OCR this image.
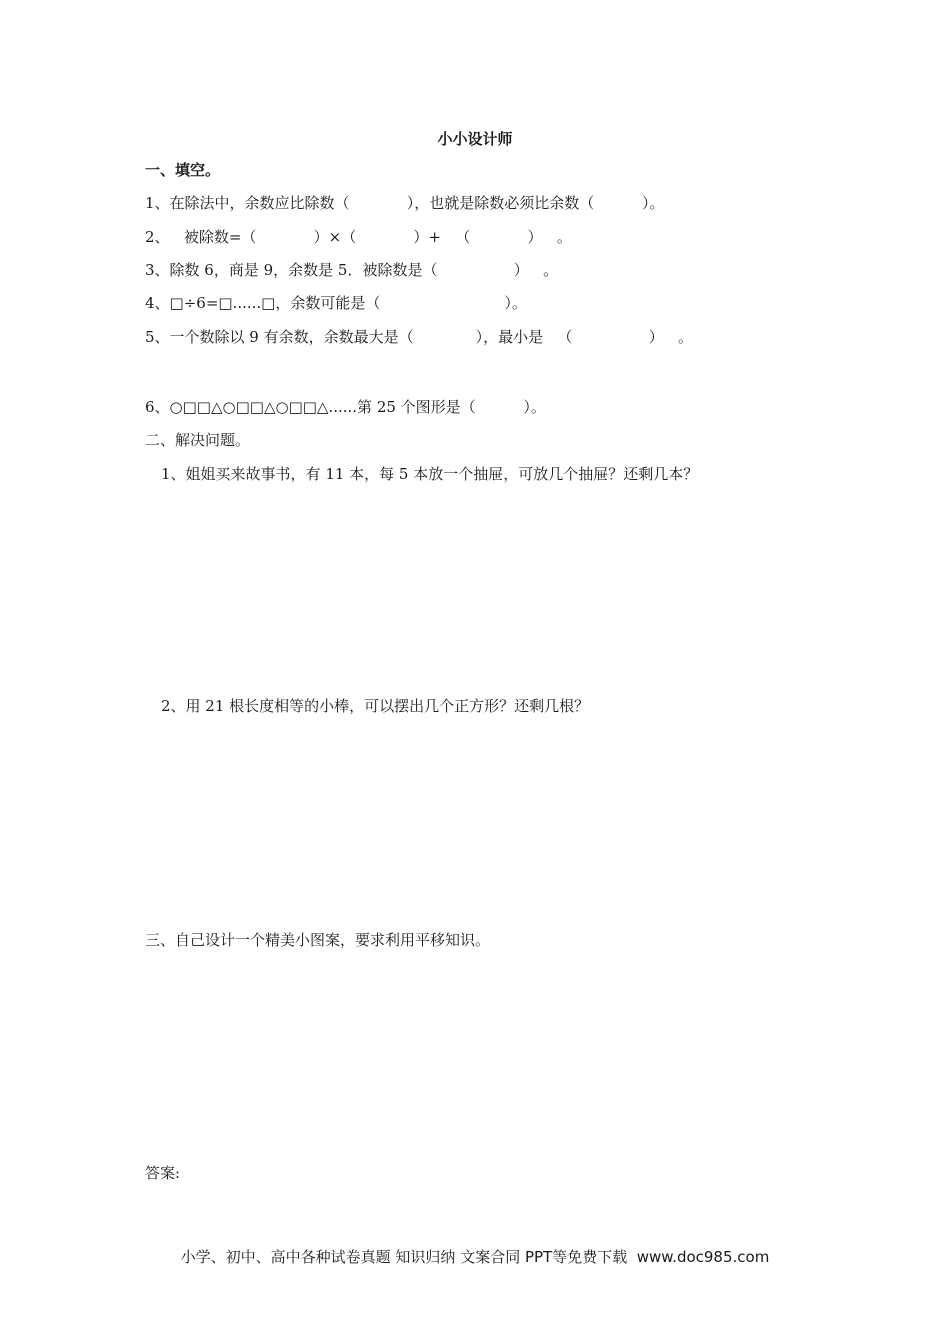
小小设计师
一、填空。
1、在除法中，余数应比除数（            ），也就是除数必须比余数（          ）。
2、   被除数=（            ）×（            ）+   （            ）   。
3、除数 6，商是 9，余数是 5．被除数是（                ）   。
4、□÷6=□......□，余数可能是（                          ）。
5、一个数除以 9 有余数，余数最大是（             ），最小是   （                ）   。
6、○□□△○□□△○□□△......第 25 个图形是（          ）。
二、解决问题。
1、姐姐买来故事书，有 11 本，每 5 本放一个抽屉，可放几个抽屉？还剩几本？
2、用 21 根长度相等的小棒，可以摆出几个正方形？还剩几根？
三、自己设计一个精美小图案，要求利用平移知识。
答案:
小学、初中、高中各种试卷真题 知识归纳 文案合同 PPT等免费下载  www.doc985.com
